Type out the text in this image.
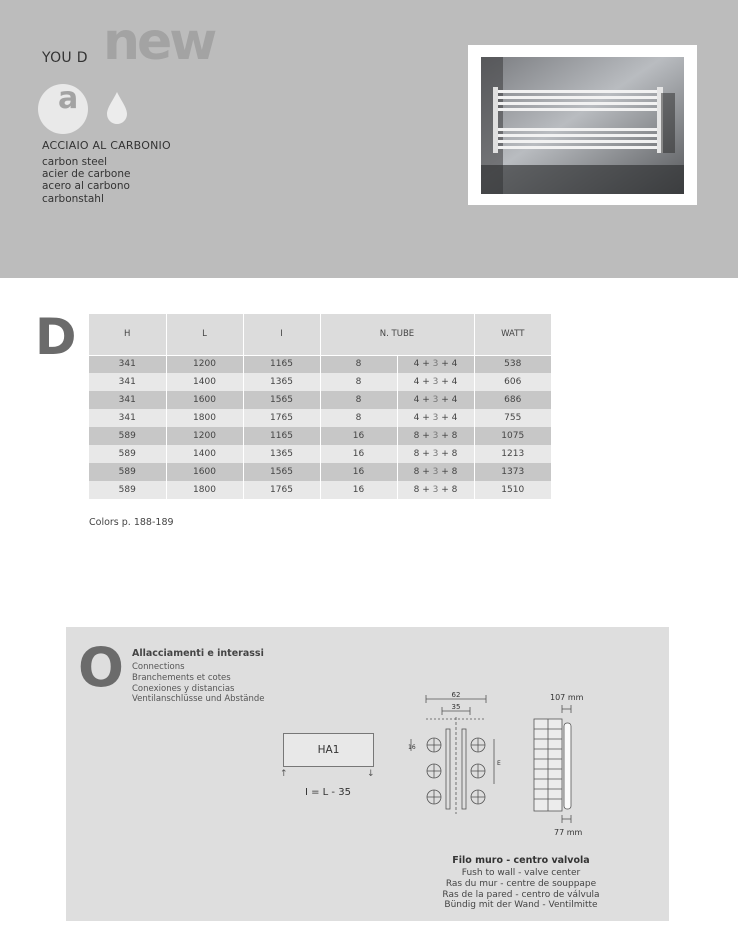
YOU D new
a
ACCIAIO AL CARBONIO
carbon steel
acier de carbone
acero al carbono
carbonstahl
D	H	L	I	N. TUBE		WATT
341	1200	1165	8	4 + 3 + 4	538
341	1400	1365	8	4 + 3 + 4	606
341	1600	1565	8	4 + 3 + 4	686
341	1800	1765	8	4 + 3 + 4	755
589	1200	1165	16	8 + 3 + 8	1075
589	1400	1365	16	8 + 3 + 8	1213
589	1600	1565	16	8 + 3 + 8	1373
589	1800	1765	16	8 + 3 + 8	1510
Colors p. 188-189
O Allacciamenti e interassi
Connections
Branchements et cotes
Conexiones y distancias
Ventilanschlüsse und Abstände
HA1
↑	↓
I = L - 35
62
35
16
E
107 mm
77 mm
Filo muro - centro valvola
Fush to wall - valve center
Ras du mur - centre de souppape
Ras de la pared - centro de válvula
Bündig mit der Wand - Ventilmitte
